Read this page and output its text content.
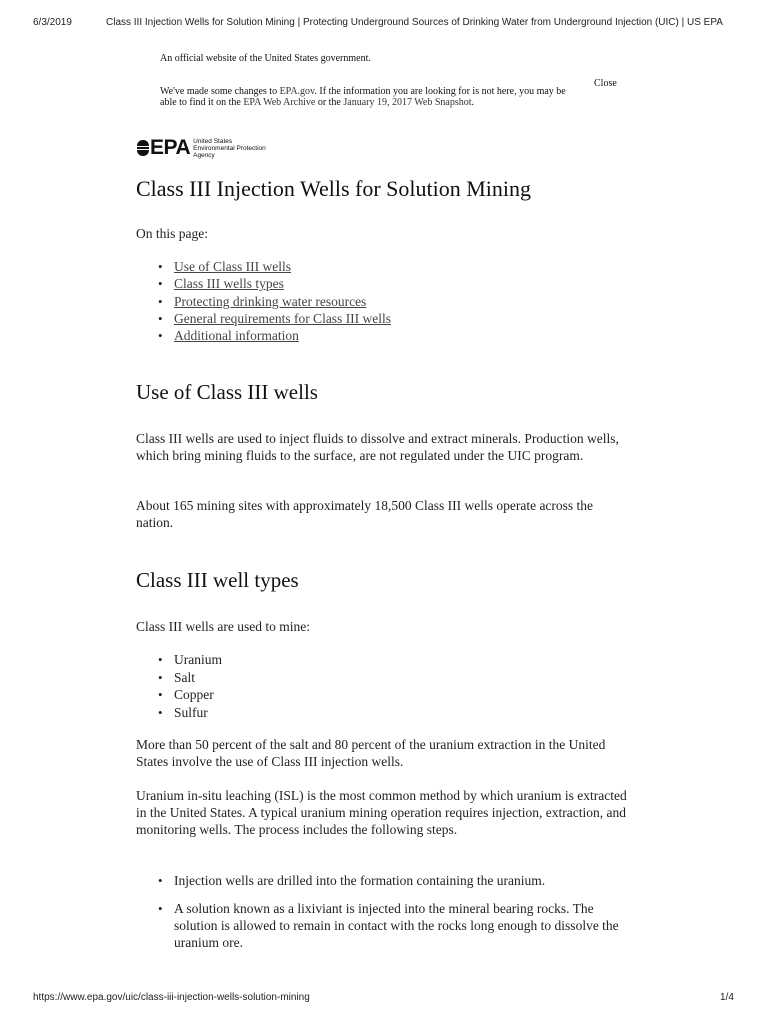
6/3/2019	Class III Injection Wells for Solution Mining | Protecting Underground Sources of Drinking Water from Underground Injection (UIC) | US EPA
An official website of the United States government.
We've made some changes to EPA.gov. If the information you are looking for is not here, you may be able to find it on the EPA Web Archive or the January 19, 2017 Web Snapshot.
Close
EPA United States
Environmental Protection
Agency
Class III Injection Wells for Solution Mining

On this page:

• Use of Class III wells
• Class III wells types
• Protecting drinking water resources
• General requirements for Class III wells
• Additional information
Use of Class III wells

Class III wells are used to inject fluids to dissolve and extract minerals. Production wells, which bring mining fluids to the surface, are not regulated under the UIC program.

About 165 mining sites with approximately 18,500 Class III wells operate across the nation.

Class III well types

Class III wells are used to mine:

• Uranium
• Salt
• Copper
• Sulfur

More than 50 percent of the salt and 80 percent of the uranium extraction in the United States involve the use of Class III injection wells.

Uranium in-situ leaching (ISL) is the most common method by which uranium is extracted in the United States. A typical uranium mining operation requires injection, extraction, and monitoring wells. The process includes the following steps.

• Injection wells are drilled into the formation containing the uranium.
• A solution known as a lixiviant is injected into the mineral bearing rocks. The solution is allowed to remain in contact with the rocks long enough to dissolve the uranium ore.
https://www.epa.gov/uic/class-iii-injection-wells-solution-mining	1/4
